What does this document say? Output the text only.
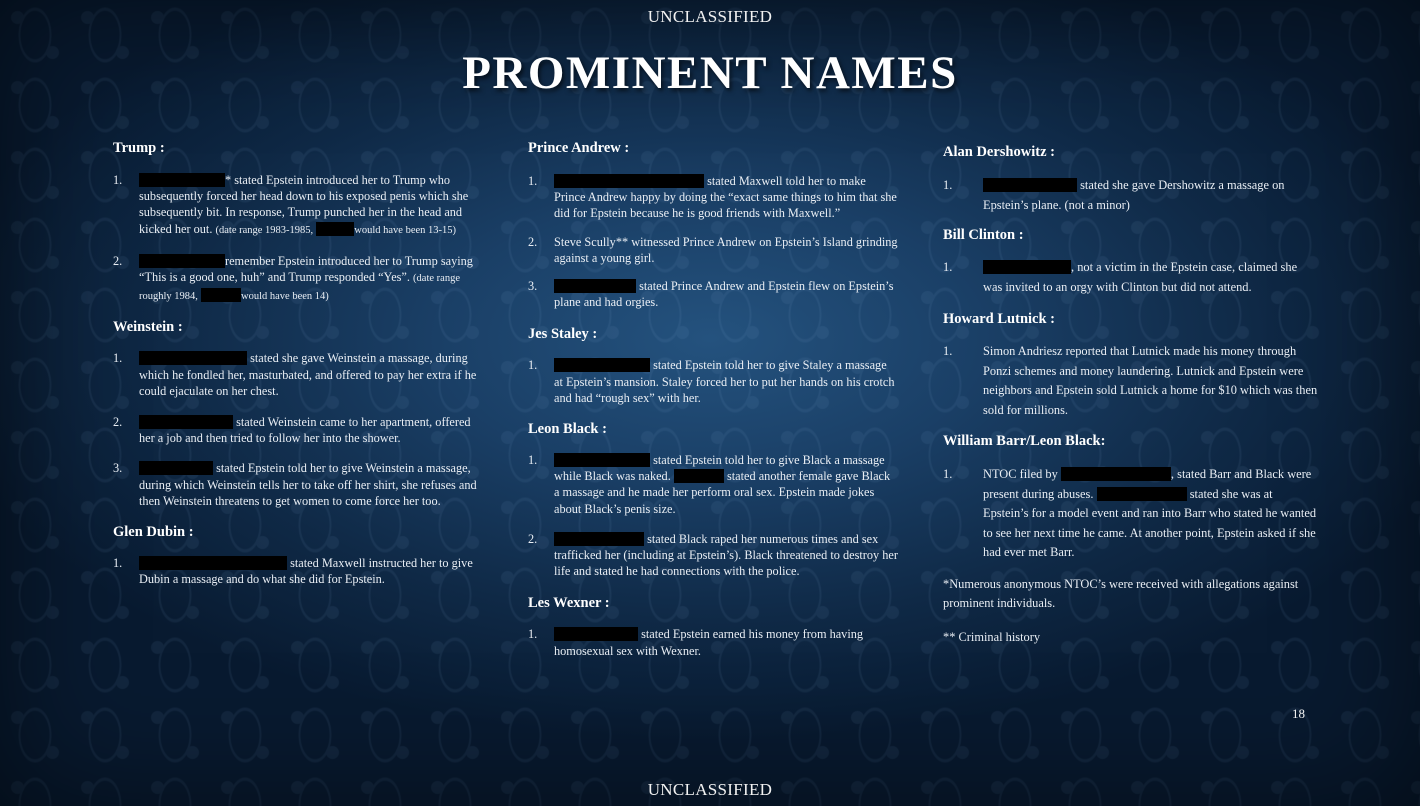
UNCLASSIFIED
PROMINENT NAMES
Trump :
1.	* stated Epstein introduced her to Trump who subsequently forced her head down to his exposed penis which she subsequently bit. In response, Trump punched her in the head and kicked her out. (date range 1983-1985,	would have been 13-15)
2.	remember Epstein introduced her to Trump saying “This is a good one, huh” and Trump responded “Yes”. (date range roughly 1984,	would have been 14)
Weinstein :
1.	stated she gave Weinstein a massage, during which he fondled her, masturbated, and offered to pay her extra if he could ejaculate on her chest.
2.	stated Weinstein came to her apartment, offered her a job and then tried to follow her into the shower.
3.	stated Epstein told her to give Weinstein a massage, during which Weinstein tells her to take off her shirt, she refuses and then Weinstein threatens to get women to come force her too.
Glen Dubin :
1.	stated Maxwell instructed her to give Dubin a massage and do what she did for Epstein.
Prince Andrew :
1.	stated Maxwell told her to make Prince Andrew happy by doing the “exact same things to him that she did for Epstein because he is good friends with Maxwell.”
2. Steve Scully** witnessed Prince Andrew on Epstein’s Island grinding against a young girl.
3.	stated Prince Andrew and Epstein flew on Epstein’s plane and had orgies.
Jes Staley :
1.	stated Epstein told her to give Staley a massage at Epstein’s mansion. Staley forced her to put her hands on his crotch and had “rough sex” with her.
Leon Black :
1.	stated Epstein told her to give Black a massage while Black was naked.	stated another female gave Black a massage and he made her perform oral sex. Epstein made jokes about Black’s penis size.
2.	stated Black raped her numerous times and sex trafficked her (including at Epstein’s). Black threatened to destroy her life and stated he had connections with the police.
Les Wexner :
1.	stated Epstein earned his money from having homosexual sex with Wexner.
Alan Dershowitz :
1.	stated she gave Dershowitz a massage on Epstein’s plane. (not a minor)
Bill Clinton :
1.	, not a victim in the Epstein case, claimed she was invited to an orgy with Clinton but did not attend.
Howard Lutnick :
1. Simon Andriesz reported that Lutnick made his money through Ponzi schemes and money laundering. Lutnick and Epstein were neighbors and Epstein sold Lutnick a home for $10 which was then sold for millions.
William Barr/Leon Black:
1. NTOC filed by	, stated Barr and Black were present during abuses.	stated she was at Epstein’s for a model event and ran into Barr who stated he wanted to see her next time he came. At another point, Epstein asked if she had ever met Barr.
*Numerous anonymous NTOC’s were received with allegations against prominent individuals.
** Criminal history
18
UNCLASSIFIED
